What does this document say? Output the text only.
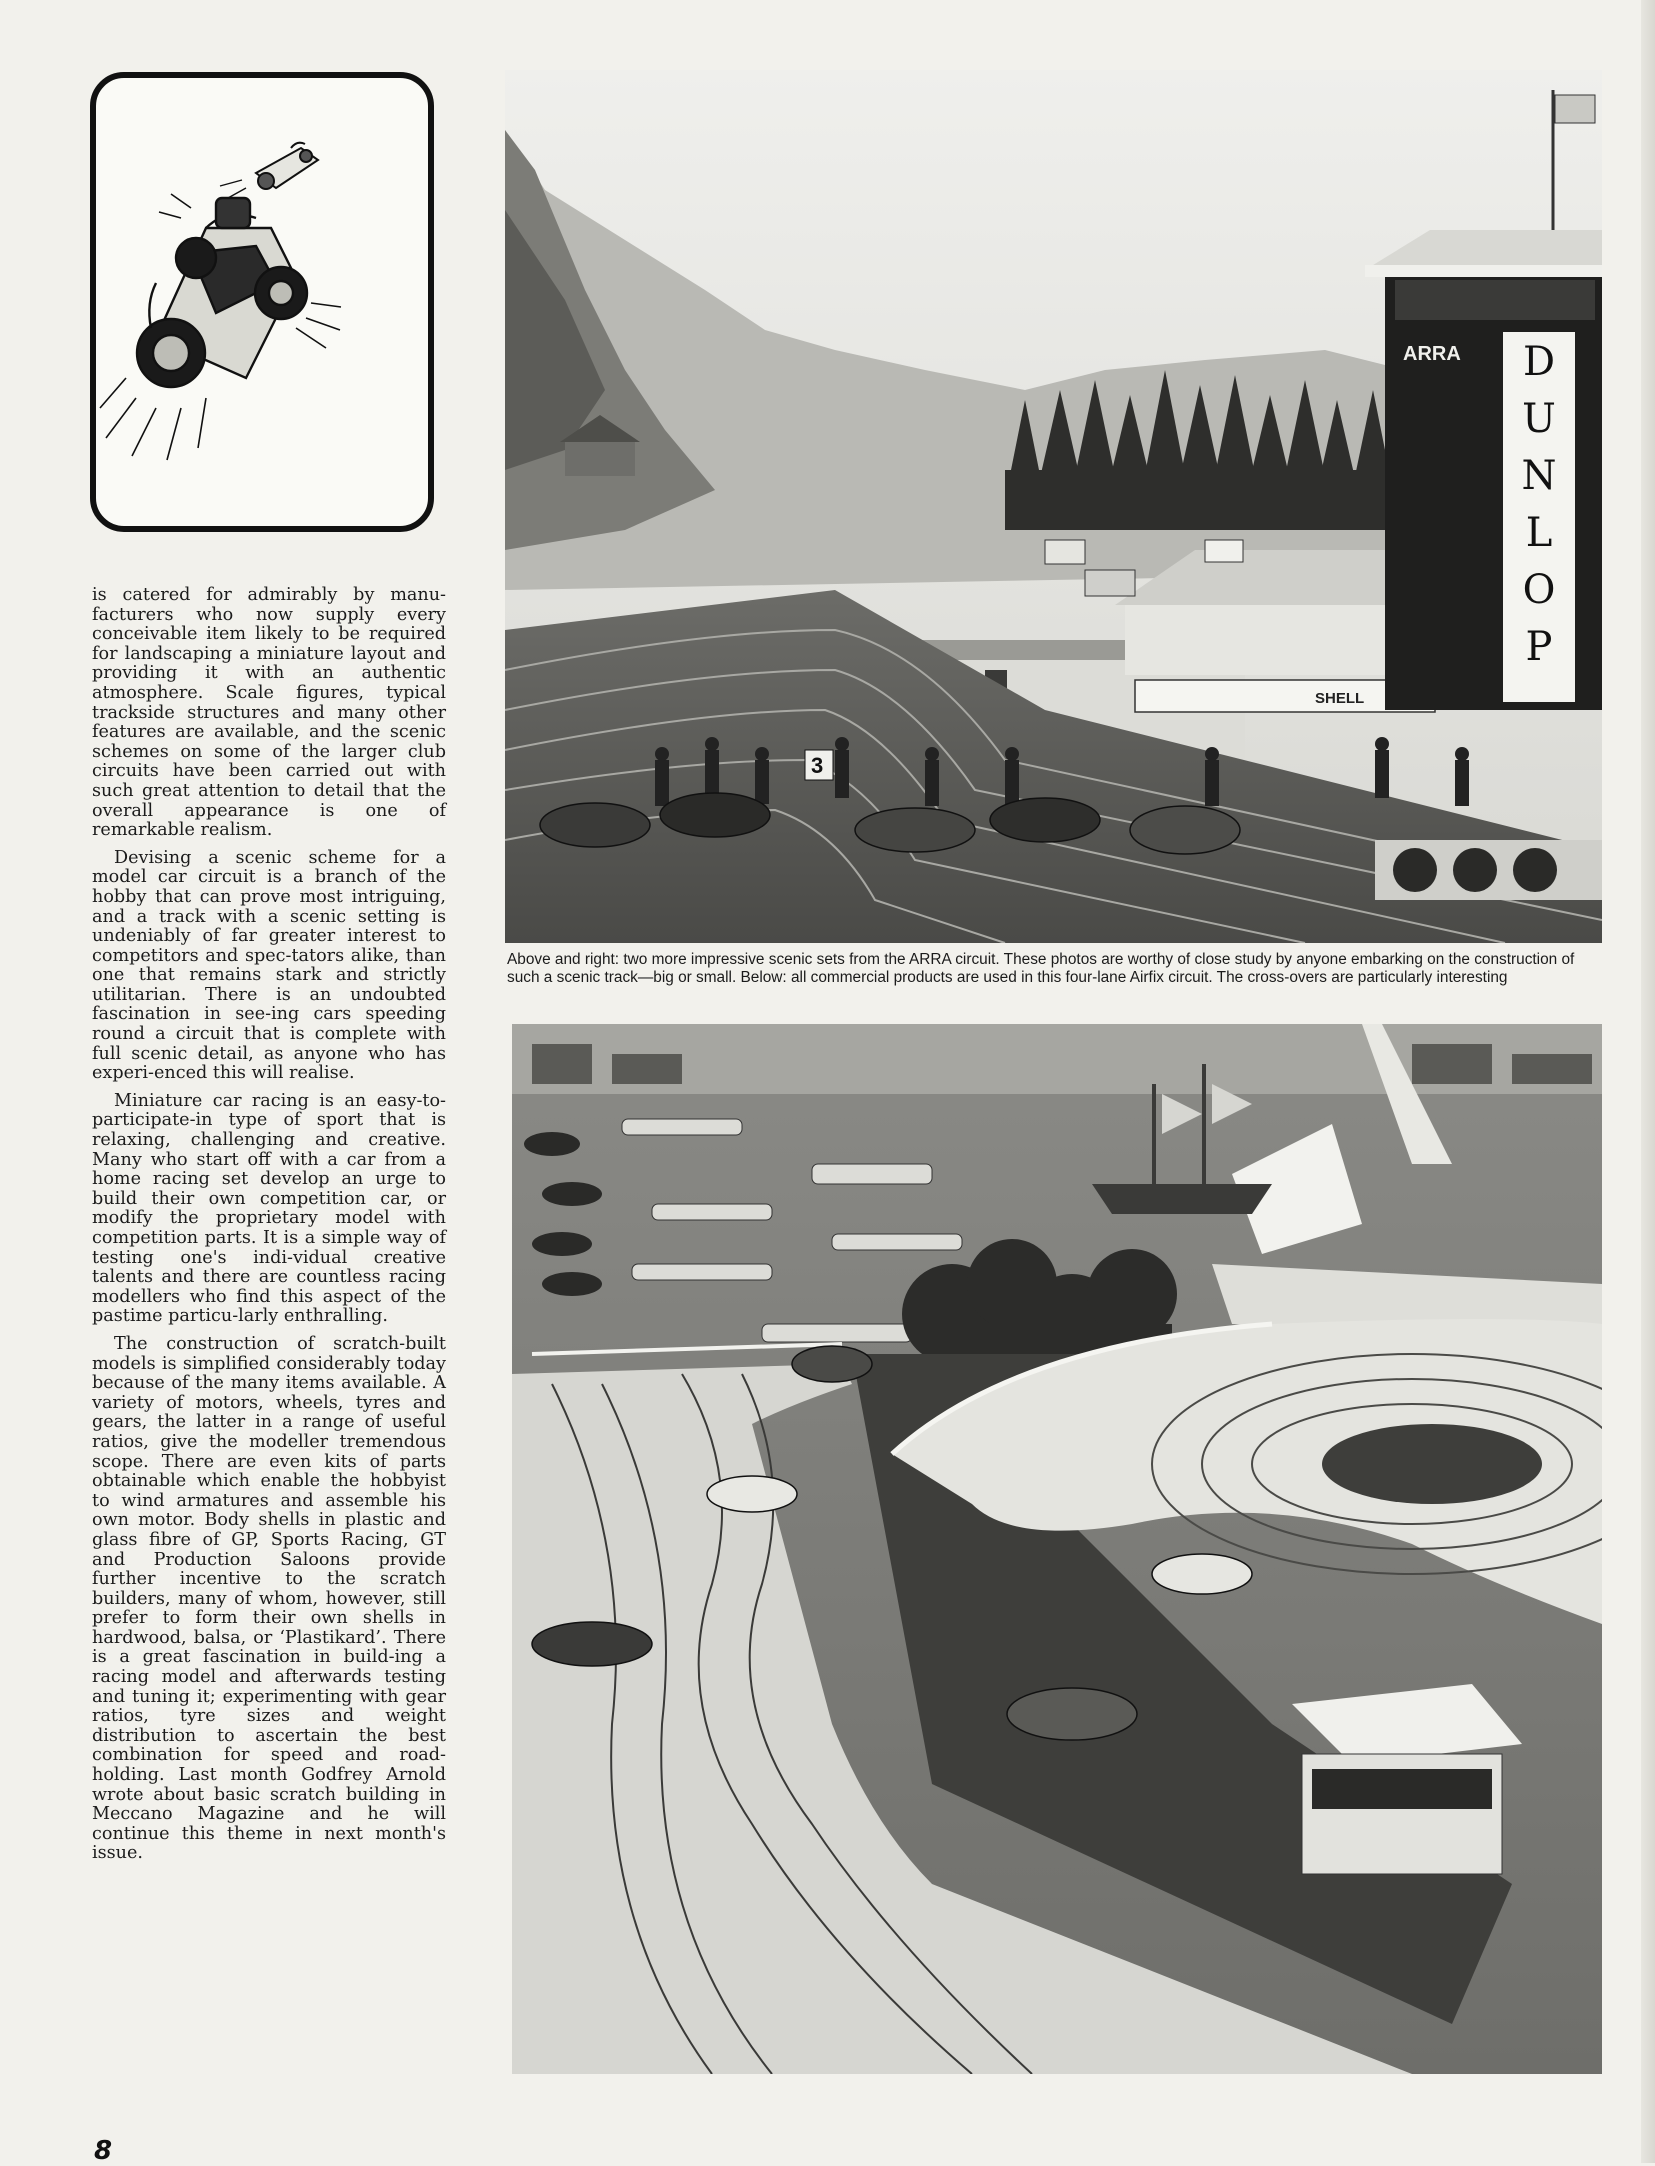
is catered for admirably by manu-facturers who now supply every conceivable item likely to be required for landscaping a miniature layout and providing it with an authentic atmosphere. Scale figures, typical trackside structures and many other features are available, and the scenic schemes on some of the larger club circuits have been carried out with such great attention to detail that the overall appearance is one of remarkable realism.

Devising a scenic scheme for a model car circuit is a branch of the hobby that can prove most intriguing, and a track with a scenic setting is undeniably of far greater interest to competitors and spec-tators alike, than one that remains stark and strictly utilitarian. There is an undoubted fascination in see-ing cars speeding round a circuit that is complete with full scenic detail, as anyone who has experi-enced this will realise.

Miniature car racing is an easy-to-participate-in type of sport that is relaxing, challenging and creative. Many who start off with a car from a home racing set develop an urge to build their own competition car, or modify the proprietary model with competition parts. It is a simple way of testing one's indi-vidual creative talents and there are countless racing modellers who find this aspect of the pastime particu-larly enthralling.

The construction of scratch-built models is simplified considerably today because of the many items available. A variety of motors, wheels, tyres and gears, the latter in a range of useful ratios, give the modeller tremendous scope. There are even kits of parts obtainable which enable the hobbyist to wind armatures and assemble his own motor. Body shells in plastic and glass fibre of GP, Sports Racing, GT and Production Saloons provide further incentive to the scratch builders, many of whom, however, still prefer to form their own shells in hardwood, balsa, or ‘Plastikard’. There is a great fascination in build-ing a racing model and afterwards testing and tuning it; experimenting with gear ratios, tyre sizes and weight distribution to ascertain the best combination for speed and road-holding. Last month Godfrey Arnold wrote about basic scratch building in Meccano Magazine and he will continue this theme in next month's issue.

8
SHELL
ARRA D
U
N
L
O
P
3
Above and right: two more impressive scenic sets from the ARRA circuit. These photos are worthy of close study by anyone embarking on the construction of such a scenic track—big or small. Below: all commercial products are used in this four-lane Airfix circuit. The cross-overs are particularly interesting
